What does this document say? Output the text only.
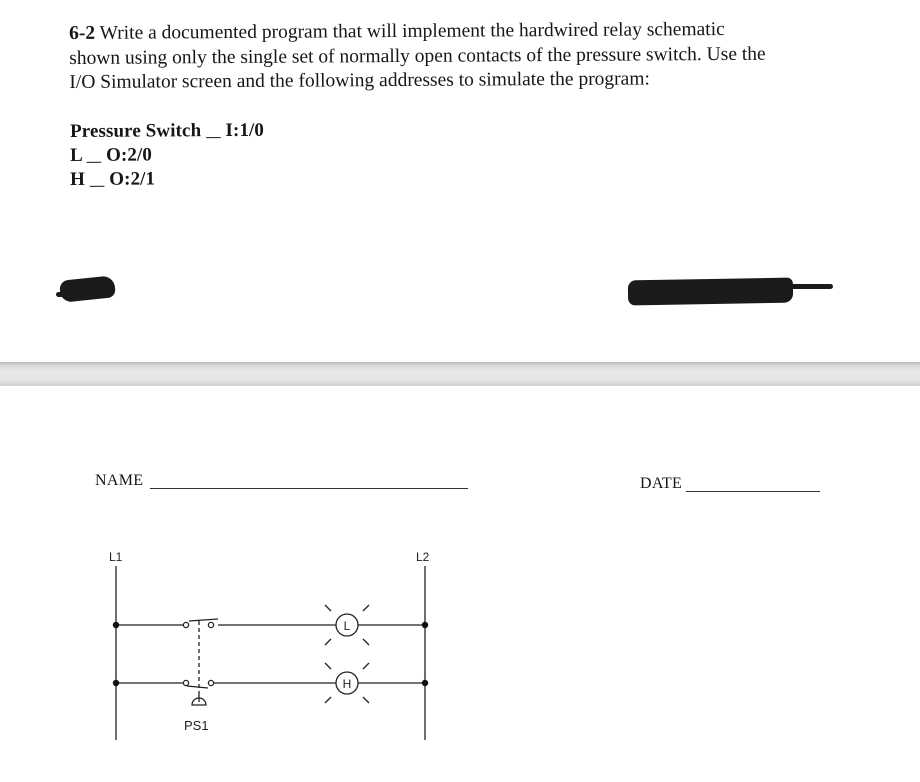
6-2 Write a documented program that will implement the hardwired relay schematic
shown using only the single set of normally open contacts of the pressure switch. Use the
I/O Simulator screen and the following addresses to simulate the program:
Pressure Switch I:1/0
L O:2/0
H O:2/1
NAME	DATE
L1	L2
L
H
PS1
